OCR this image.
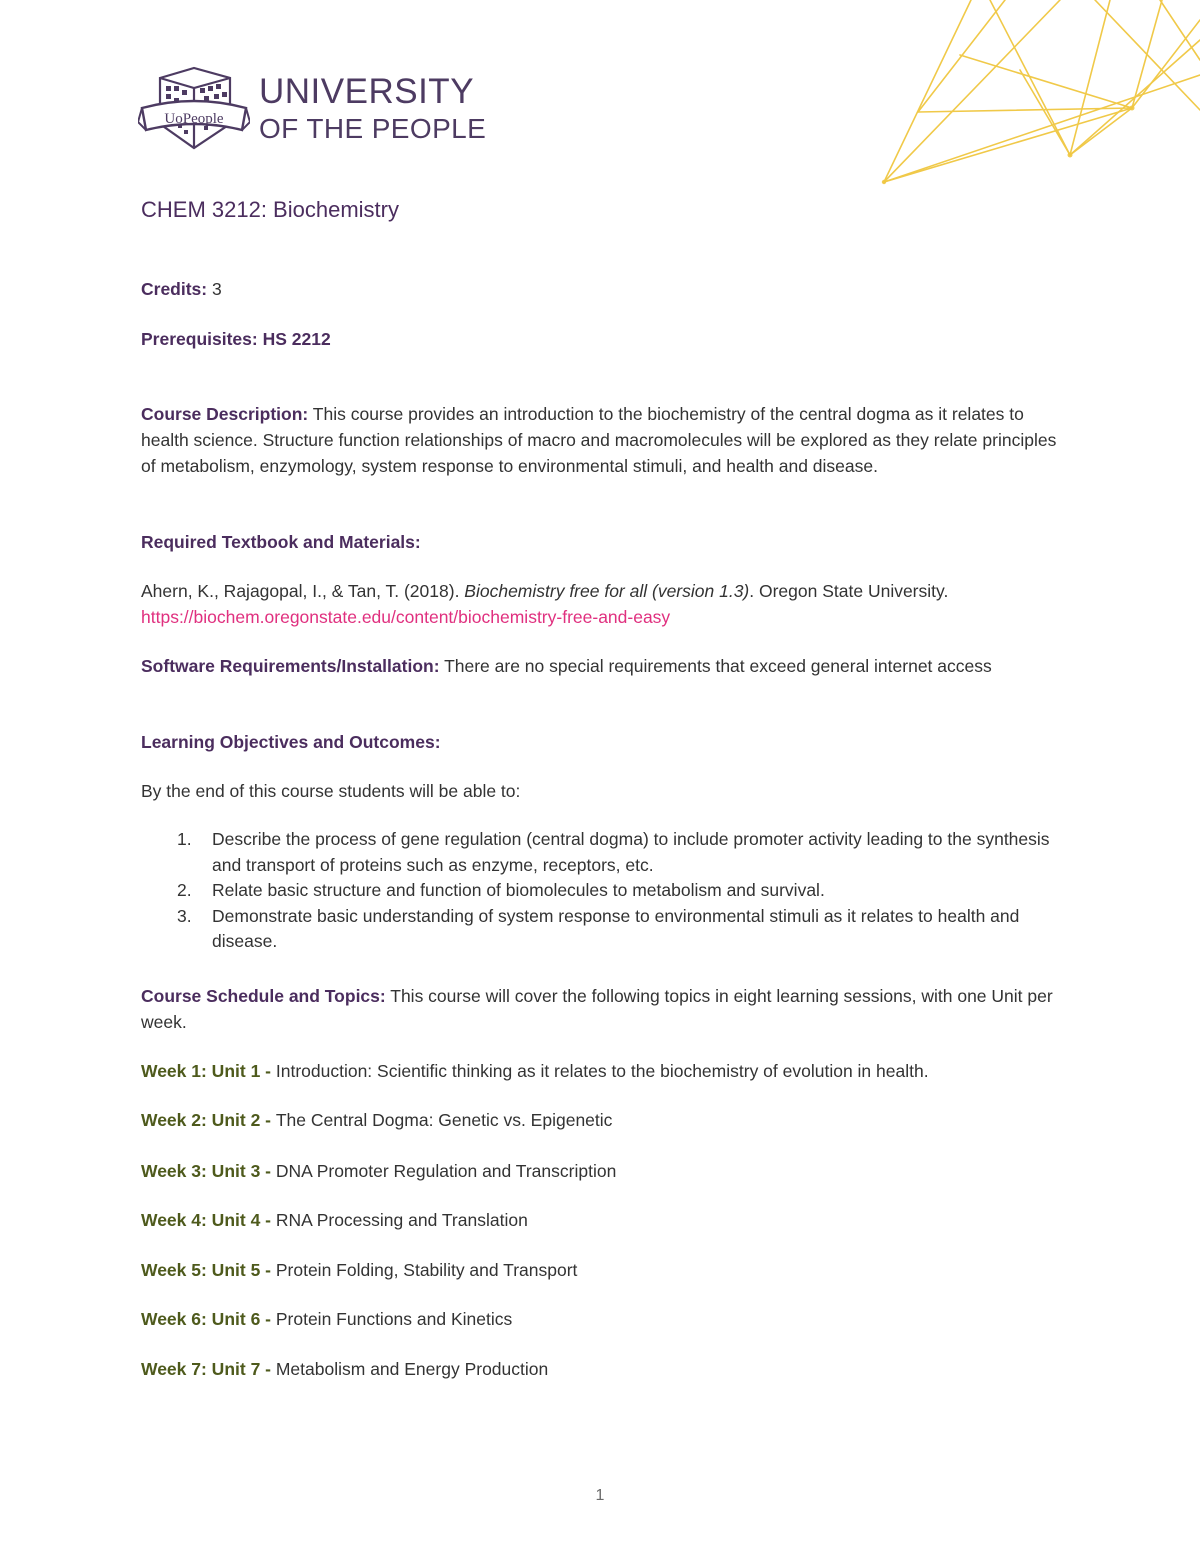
UoPeople
UNIVERSITY
OF THE PEOPLE
CHEM 3212: Biochemistry

Credits: 3

Prerequisites: HS 2212

Course Description: This course provides an introduction to the biochemistry of the central dogma as it relates to health science. Structure function relationships of macro and macromolecules will be explored as they relate principles of metabolism, enzymology, system response to environmental stimuli, and health and disease.

Required Textbook and Materials:

Ahern, K., Rajagopal, I., & Tan, T. (2018). Biochemistry free for all (version 1.3). Oregon State University.
https://biochem.oregonstate.edu/content/biochemistry-free-and-easy

Software Requirements/Installation: There are no special requirements that exceed general internet access

Learning Objectives and Outcomes:

By the end of this course students will be able to:

1. Describe the process of gene regulation (central dogma) to include promoter activity leading to the synthesis and transport of proteins such as enzyme, receptors, etc.
2. Relate basic structure and function of biomolecules to metabolism and survival.
3. Demonstrate basic understanding of system response to environmental stimuli as it relates to health and disease.

Course Schedule and Topics: This course will cover the following topics in eight learning sessions, with one Unit per week.

Week 1: Unit 1 - Introduction: Scientific thinking as it relates to the biochemistry of evolution in health.

Week 2: Unit 2 - The Central Dogma: Genetic vs. Epigenetic

Week 3: Unit 3 - DNA Promoter Regulation and Transcription

Week 4: Unit 4 - RNA Processing and Translation

Week 5: Unit 5 - Protein Folding, Stability and Transport

Week 6: Unit 6 - Protein Functions and Kinetics

Week 7: Unit 7 - Metabolism and Energy Production

1
